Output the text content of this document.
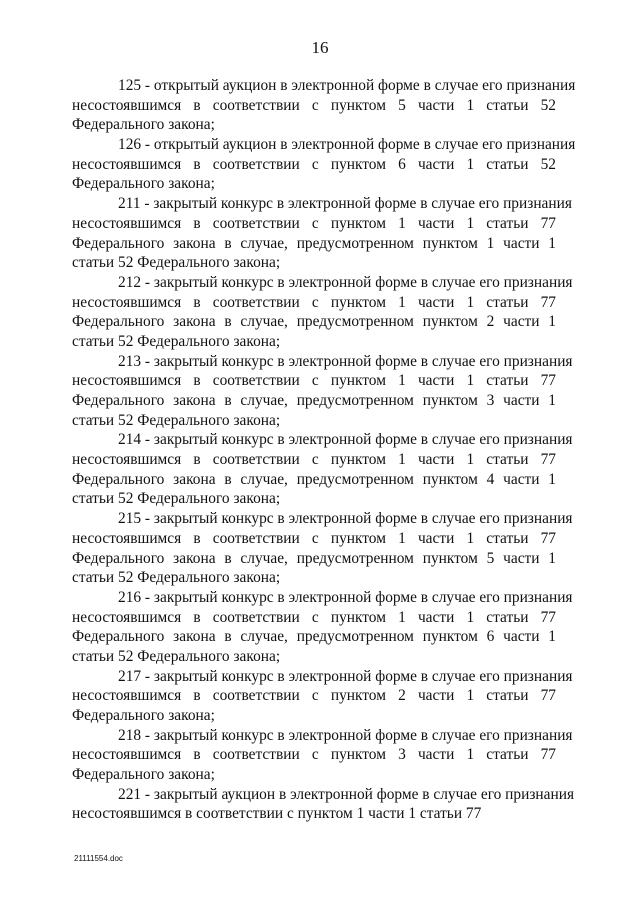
16
125 - открытый аукцион в электронной форме в случае его признания
несостоявшимся в соответствии с пунктом 5 части 1 статьи 52
Федерального закона;
126 - открытый аукцион в электронной форме в случае его признания
несостоявшимся в соответствии с пунктом 6 части 1 статьи 52
Федерального закона;
211 - закрытый конкурс в электронной форме в случае его признания
несостоявшимся в соответствии с пунктом 1 части 1 статьи 77
Федерального закона в случае, предусмотренном пунктом 1 части 1
статьи 52 Федерального закона;
212 - закрытый конкурс в электронной форме в случае его признания
несостоявшимся в соответствии с пунктом 1 части 1 статьи 77
Федерального закона в случае, предусмотренном пунктом 2 части 1
статьи 52 Федерального закона;
213 - закрытый конкурс в электронной форме в случае его признания
несостоявшимся в соответствии с пунктом 1 части 1 статьи 77
Федерального закона в случае, предусмотренном пунктом 3 части 1
статьи 52 Федерального закона;
214 - закрытый конкурс в электронной форме в случае его признания
несостоявшимся в соответствии с пунктом 1 части 1 статьи 77
Федерального закона в случае, предусмотренном пунктом 4 части 1
статьи 52 Федерального закона;
215 - закрытый конкурс в электронной форме в случае его признания
несостоявшимся в соответствии с пунктом 1 части 1 статьи 77
Федерального закона в случае, предусмотренном пунктом 5 части 1
статьи 52 Федерального закона;
216 - закрытый конкурс в электронной форме в случае его признания
несостоявшимся в соответствии с пунктом 1 части 1 статьи 77
Федерального закона в случае, предусмотренном пунктом 6 части 1
статьи 52 Федерального закона;
217 - закрытый конкурс в электронной форме в случае его признания
несостоявшимся в соответствии с пунктом 2 части 1 статьи 77
Федерального закона;
218 - закрытый конкурс в электронной форме в случае его признания
несостоявшимся в соответствии с пунктом 3 части 1 статьи 77
Федерального закона;
221 - закрытый аукцион в электронной форме в случае его признания
несостоявшимся в соответствии с пунктом 1 части 1 статьи 77
21111554.doc
